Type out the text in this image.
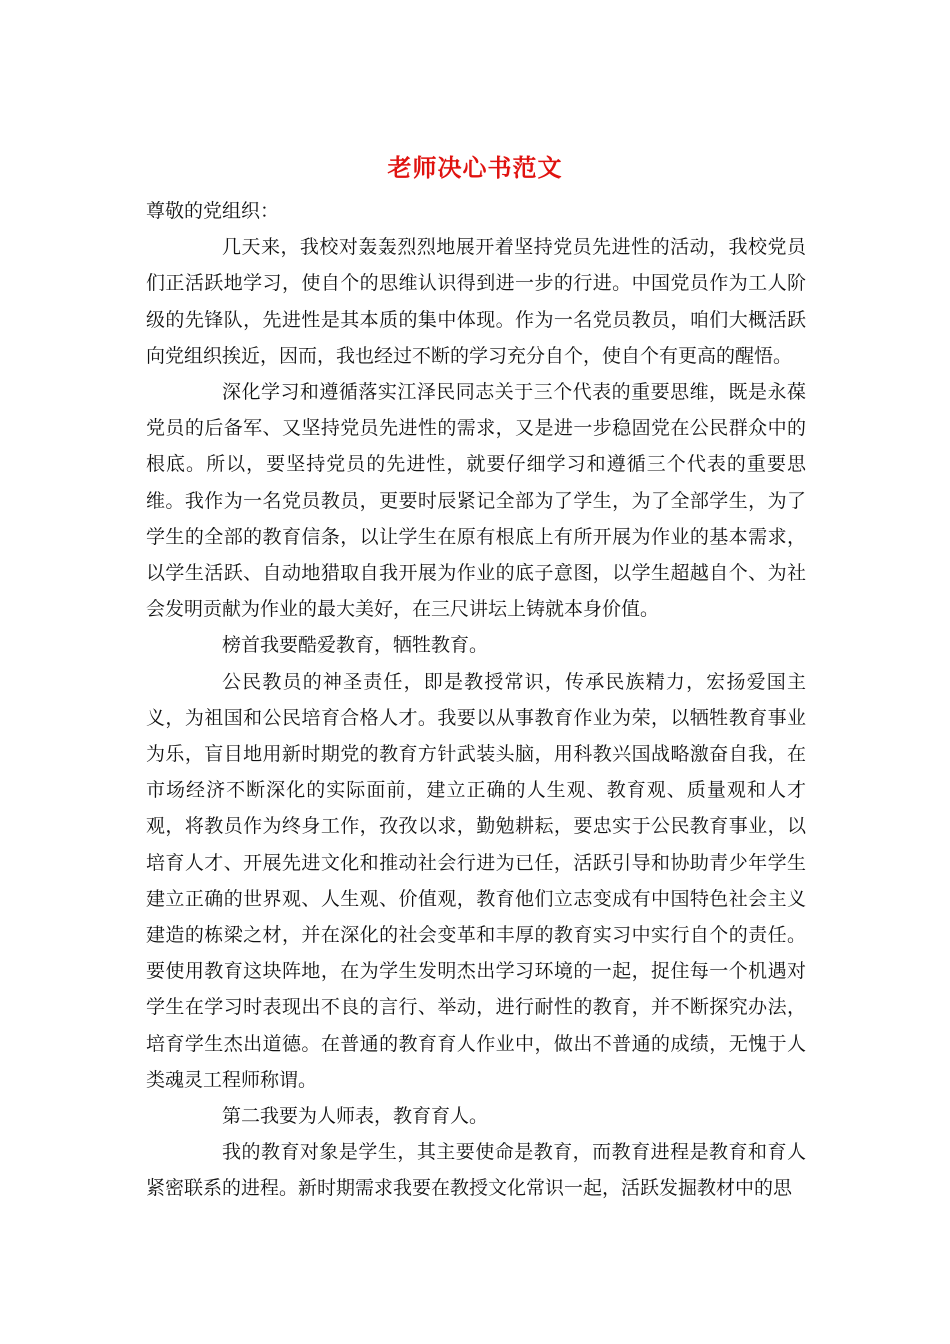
老师决心书范文

尊敬的党组织：

几天来，我校对轰轰烈烈地展开着坚持党员先进性的活动，我校党员们正活跃地学习，使自个的思维认识得到进一步的行进。中国党员作为工人阶级的先锋队，先进性是其本质的集中体现。作为一名党员教员，咱们大概活跃向党组织挨近，因而，我也经过不断的学习充分自个，使自个有更高的醒悟。

深化学习和遵循落实江泽民同志关于三个代表的重要思维，既是永葆党员的后备军、又坚持党员先进性的需求，又是进一步稳固党在公民群众中的根底。所以，要坚持党员的先进性，就要仔细学习和遵循三个代表的重要思维。我作为一名党员教员，更要时辰紧记全部为了学生，为了全部学生，为了学生的全部的教育信条，以让学生在原有根底上有所开展为作业的基本需求，以学生活跃、自动地猎取自我开展为作业的底子意图，以学生超越自个、为社会发明贡献为作业的最大美好，在三尺讲坛上铸就本身价值。

榜首我要酷爱教育，牺牲教育。

公民教员的神圣责任，即是教授常识，传承民族精力，宏扬爱国主义，为祖国和公民培育合格人才。我要以从事教育作业为荣，以牺牲教育事业为乐，盲目地用新时期党的教育方针武装头脑，用科教兴国战略激奋自我，在市场经济不断深化的实际面前，建立正确的人生观、教育观、质量观和人才观，将教员作为终身工作，孜孜以求，勤勉耕耘，要忠实于公民教育事业，以培育人才、开展先进文化和推动社会行进为已任，活跃引导和协助青少年学生建立正确的世界观、人生观、价值观，教育他们立志变成有中国特色社会主义建造的栋梁之材，并在深化的社会变革和丰厚的教育实习中实行自个的责任。要使用教育这块阵地，在为学生发明杰出学习环境的一起，捉住每一个机遇对学生在学习时表现出不良的言行、举动，进行耐性的教育，并不断探究办法，培育学生杰出道德。在普通的教育育人作业中，做出不普通的成绩，无愧于人类魂灵工程师称谓。

第二我要为人师表，教育育人。

我的教育对象是学生，其主要使命是教育，而教育进程是教育和育人紧密联系的进程。新时期需求我要在教授文化常识一起，活跃发掘教材中的思
